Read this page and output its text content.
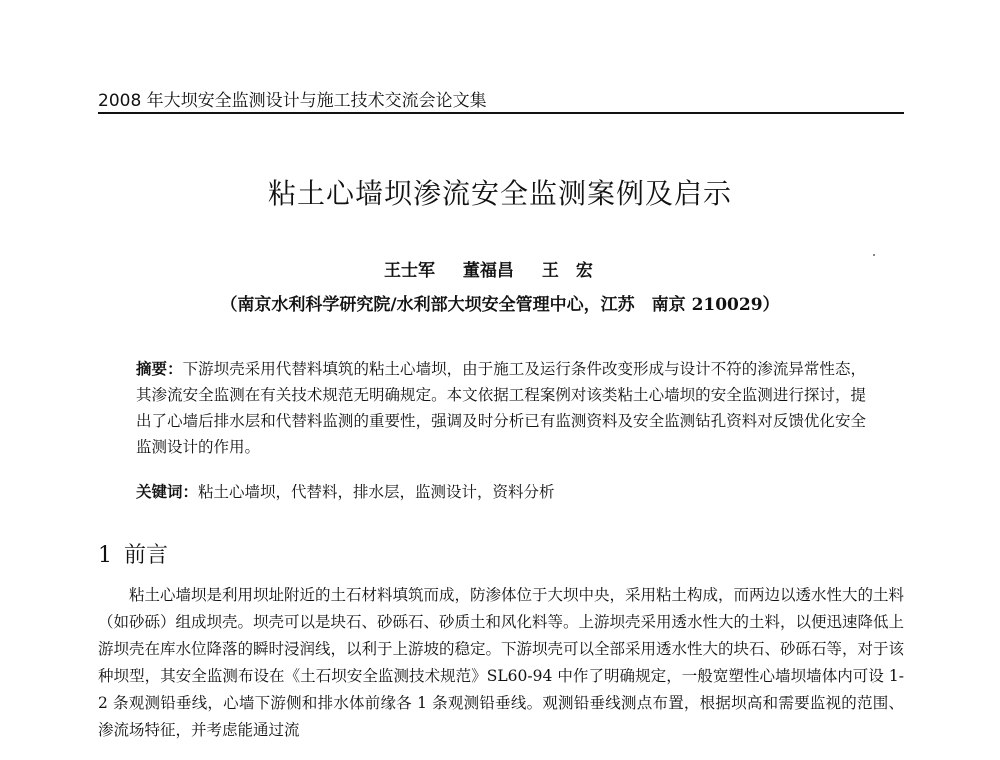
2008 年大坝安全监测设计与施工技术交流会论文集
粘土心墙坝渗流安全监测案例及启示
王士军 董福昌 王　宏
（南京水利科学研究院/水利部大坝安全管理中心，江苏　南京 210029）
摘要：下游坝壳采用代替料填筑的粘土心墙坝，由于施工及运行条件改变形成与设计不符的渗流异常性态，其渗流安全监测在有关技术规范无明确规定。本文依据工程案例对该类粘土心墙坝的安全监测进行探讨，提出了心墙后排水层和代替料监测的重要性，强调及时分析已有监测资料及安全监测钻孔资料对反馈优化安全监测设计的作用。
关键词：粘土心墙坝，代替料，排水层，监测设计，资料分析
1 前言
粘土心墙坝是利用坝址附近的土石材料填筑而成，防渗体位于大坝中央，采用粘土构成，而两边以透水性大的土料（如砂砾）组成坝壳。坝壳可以是块石、砂砾石、砂质土和风化料等。上游坝壳采用透水性大的土料，以便迅速降低上游坝壳在库水位降落的瞬时浸润线，以利于上游坡的稳定。下游坝壳可以全部采用透水性大的块石、砂砾石等，对于该种坝型，其安全监测布设在《土石坝安全监测技术规范》SL60-94 中作了明确规定，一般宽塑性心墙坝墙体内可设 1-2 条观测铅垂线，心墙下游侧和排水体前缘各 1 条观测铅垂线。观测铅垂线测点布置，根据坝高和需要监视的范围、渗流场特征，并考虑能通过流
